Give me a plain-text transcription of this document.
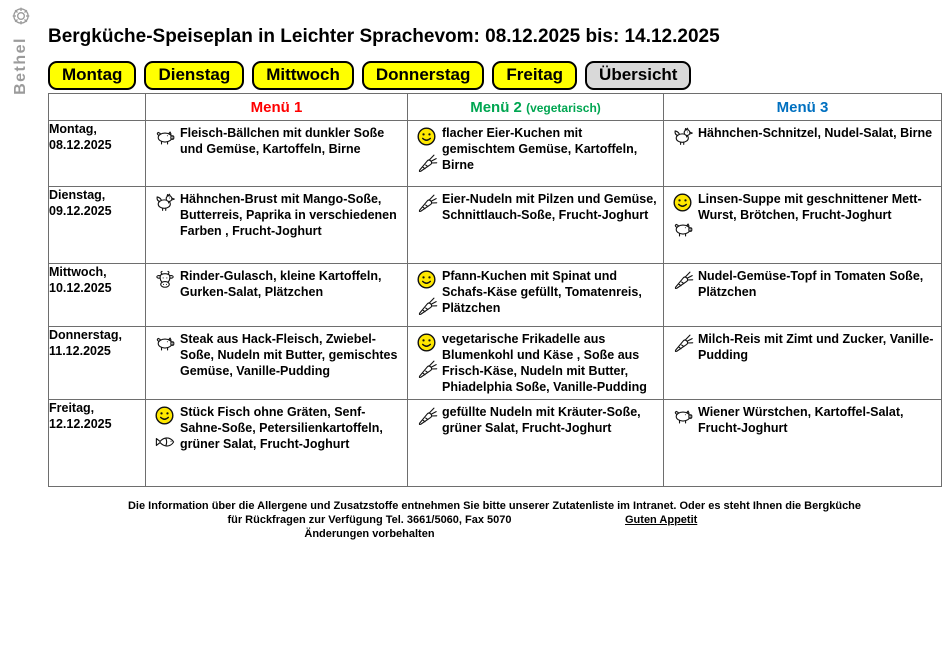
Bethel
Bergküche-Speiseplan in Leichter Sprachevom: 08.12.2025 bis: 14.12.2025
Montag	Dienstag	Mittwoch	Donnerstag	Freitag	Übersicht
	Menü 1	Menü 2 (vegetarisch)	Menü 3

Montag,
08.12.2025	Fleisch-Bällchen mit dunkler Soße und Gemüse, Kartoffeln, Birne	flacher Eier-Kuchen mit gemischtem Gemüse, Kartoffeln, Birne	Hähnchen-Schnitzel, Nudel-Salat, Birne

Dienstag,
09.12.2025	Hähnchen-Brust mit Mango-Soße, Butterreis, Paprika in verschiedenen Farben , Frucht-Joghurt	Eier-Nudeln mit Pilzen und Gemüse, Schnittlauch-Soße, Frucht-Joghurt	Linsen-Suppe mit geschnittener Mett-Wurst, Brötchen, Frucht-Joghurt

Mittwoch,
10.12.2025	Rinder-Gulasch, kleine Kartoffeln, Gurken-Salat, Plätzchen	Pfann-Kuchen mit Spinat und Schafs-Käse gefüllt, Tomatenreis, Plätzchen	Nudel-Gemüse-Topf in Tomaten Soße, Plätzchen

Donnerstag,
11.12.2025	Steak aus Hack-Fleisch, Zwiebel-Soße, Nudeln mit Butter, gemischtes Gemüse, Vanille-Pudding	vegetarische Frikadelle aus Blumenkohl und Käse , Soße aus Frisch-Käse, Nudeln mit Butter, Phiadelphia Soße, Vanille-Pudding	Milch-Reis mit Zimt und Zucker, Vanille-Pudding

Freitag,
12.12.2025	Stück Fisch ohne Gräten, Senf-Sahne-Soße, Petersilienkartoffeln, grüner Salat, Frucht-Joghurt	gefüllte Nudeln mit Kräuter-Soße, grüner Salat, Frucht-Joghurt	Wiener Würstchen, Kartoffel-Salat, Frucht-Joghurt
Die Information über die Allergene und Zusatzstoffe entnehmen Sie bitte unserer Zutatenliste im Intranet. Oder es steht Ihnen die Bergküche
für Rückfragen zur Verfügung Tel. 3661/5060, Fax 5070	Guten Appetit
Änderungen vorbehalten
